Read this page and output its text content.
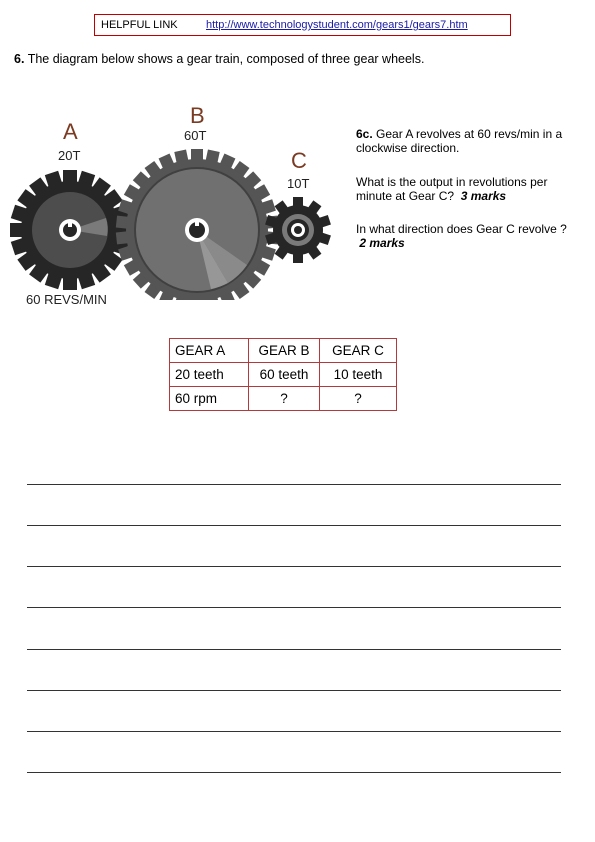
HELPFUL LINK	http://www.technologystudent.com/gears1/gears7.htm
6. The diagram below shows a gear train, composed of three gear wheels.
A
20T
B
60T
C
10T
60 REVS/MIN
6c. Gear A revolves at 60 revs/min in a clockwise direction.
What is the output in revolutions per minute at Gear C? 3 marks
In what direction does Gear C revolve ?  2 marks
GEAR A	GEAR B	GEAR C
20 teeth	60 teeth	10 teeth
60 rpm	?	?
